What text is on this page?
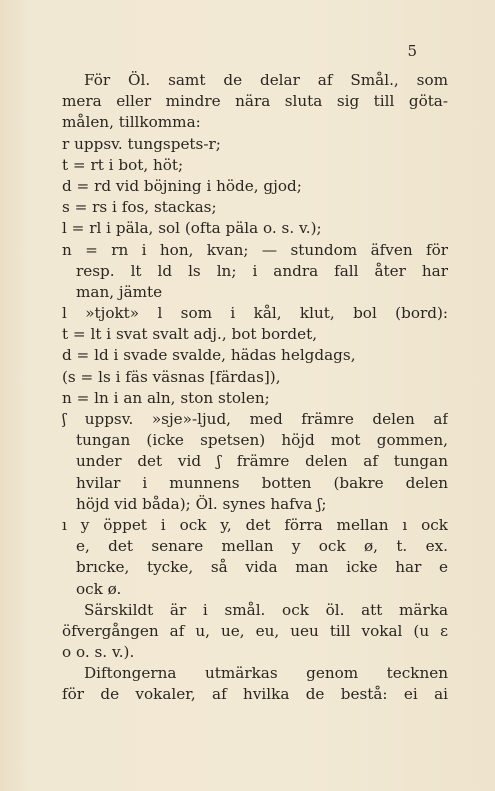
5
För Öl. samt de delar af Smål., som
mera eller mindre nära sluta sig till göta-
målen, tillkomma:
r uppsv. tungspets-r;
t = rt i bot, höt;
d = rd vid böjning i höde, gjod;
s = rs i fos, stackas;
l = rl i päla, sol (ofta päla o. s. v.);
n = rn i hon, kvan; — stundom äfven för
resp. lt ld ls ln; i andra fall åter har
man, jämte
l »tjokt» l som i kål, klut, bol (bord):
t = lt i svat svalt adj., bot bordet,
d = ld i svade svalde, hädas helgdags,
(s = ls i fäs väsnas [färdas]),
n = ln i an aln, ston stolen;
ʃ uppsv. »sje»-ljud, med främre delen af
tungan (icke spetsen) höjd mot gommen,
under det vid ʃ främre delen af tungan
hvilar i munnens botten (bakre delen
höjd vid båda); Öl. synes hafva ʃ;
ı y öppet i ock y, det förra mellan ı ock
e, det senare mellan y ock ø, t. ex.
brıcke, tycke, så vida man icke har e
ock ø.
Särskildt är i smål. ock öl. att märka
öfvergången af u, ue, eu, ueu till vokal (u ɛ
o o. s. v.).
Diftongerna utmärkas genom tecknen
för de vokaler, af hvilka de bestå: ei ai
